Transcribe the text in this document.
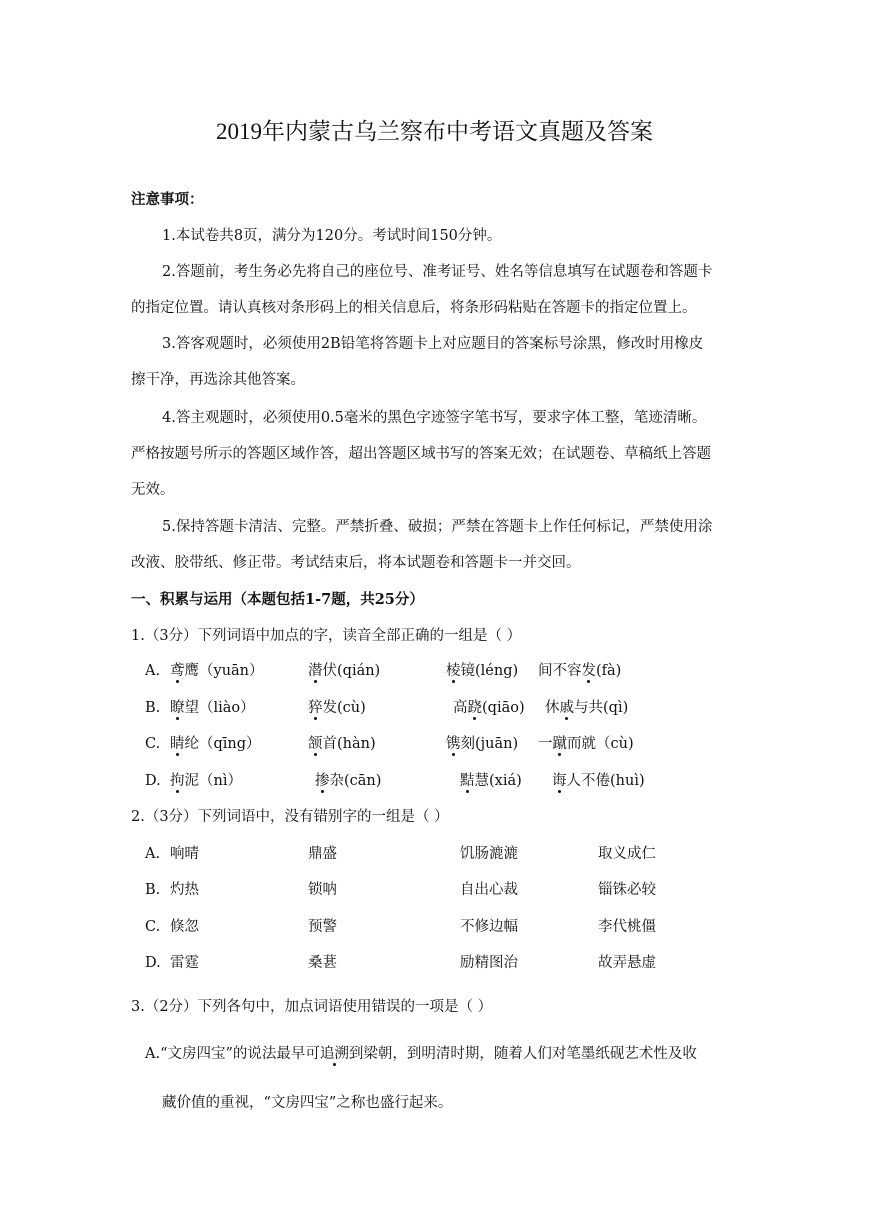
2019年内蒙古乌兰察布中考语文真题及答案
注意事项：
1.本试卷共8页，满分为120分。考试时间150分钟。
2.答题前，考生务必先将自己的座位号、准考证号、姓名等信息填写在试题卷和答题卡
的指定位置。请认真核对条形码上的相关信息后，将条形码粘贴在答题卡的指定位置上。
3.答客观题时，必须使用2B铅笔将答题卡上对应题目的答案标号涂黑，修改时用橡皮
擦干净，再选涂其他答案。
4.答主观题时，必须使用0.5毫米的黑色字迹签字笔书写，要求字体工整，笔迹清晰。
严格按题号所示的答题区域作答，超出答题区域书写的答案无效；在试题卷、草稿纸上答题
无效。
5.保持答题卡清洁、完整。严禁折叠、破损；严禁在答题卡上作任何标记，严禁使用涂
改液、胶带纸、修正带。考试结束后，将本试题卷和答题卡一并交回。
一、积累与运用（本题包括1-7题，共25分）
1.（3分）下列词语中加点的字，读音全部正确的一组是（ ）
A. 鸢鹰（yuān）	潜伏(qián)	棱镜(léng) 间不容发(fà)
B. 瞭望（liào）	猝发(cù)	高跷(qiāo) 休戚与共(qì)
C. 睛纶（qīng）	颔首(hàn)	镌刻(juān) 一蹴而就（cù)
D. 拘泥（nì）	掺杂(cān)	黠慧(xiá) 诲人不倦(huì)
2.（3分）下列词语中，没有错别字的一组是（ ）
A. 响晴	鼎盛	饥肠漉漉	取义成仁
B. 灼热	锁呐	自出心裁	锱铢必较
C. 倏忽	预警	不修边幅	李代桃僵
D. 雷霆	桑葚	励精图治	故弄悬虚
3.（2分）下列各句中，加点词语使用错误的一项是（ ）
A.“文房四宝”的说法最早可追溯到梁朝，到明清时期，随着人们对笔墨纸砚艺术性及收
藏价值的重视，“文房四宝”之称也盛行起来。
